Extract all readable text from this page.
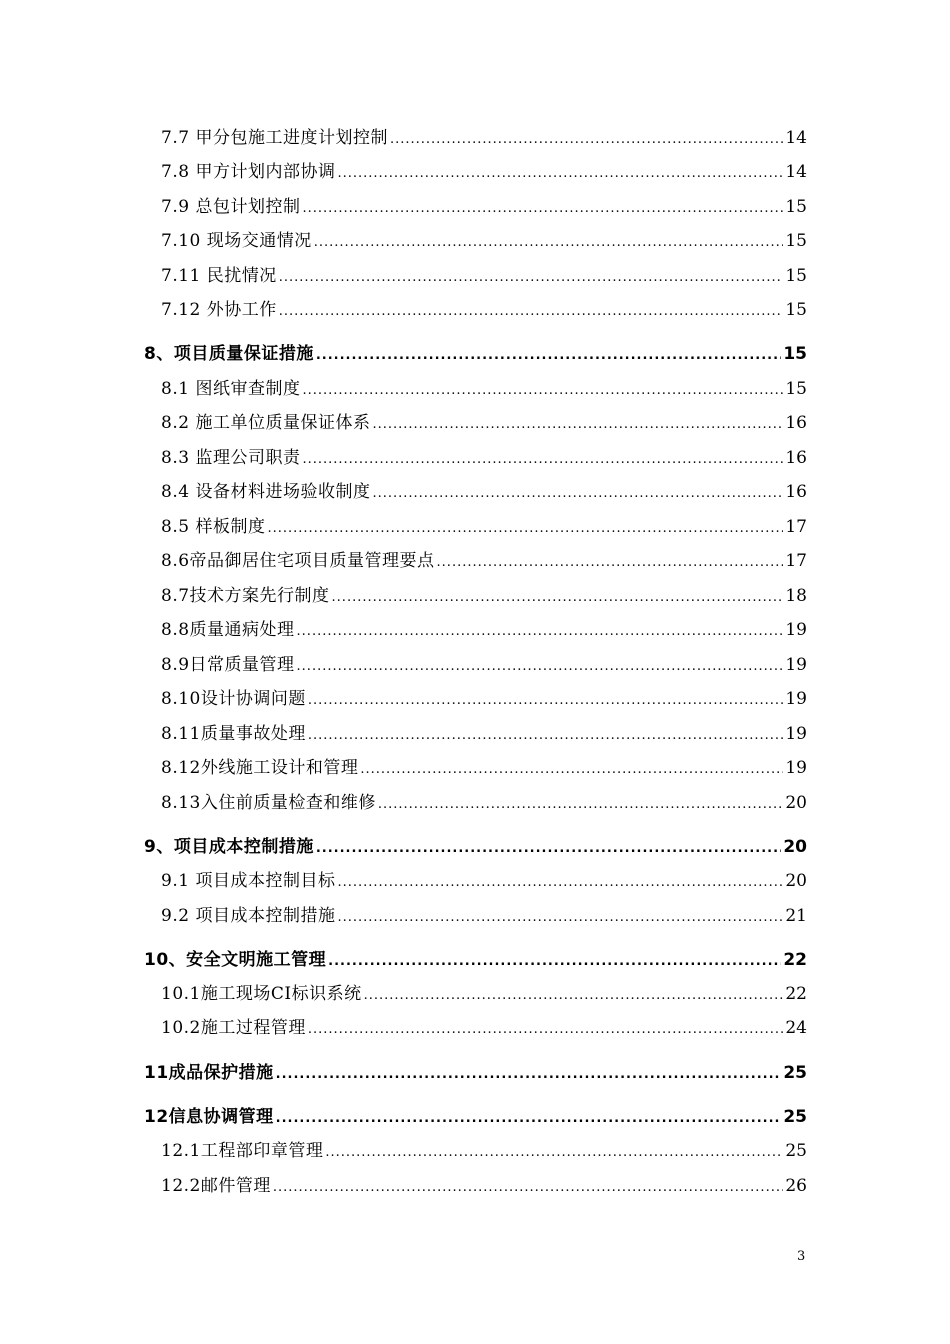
7.7 甲分包施工进度计划控制 .....	14
7.8 甲方计划内部协调 .....	14
7.9 总包计划控制 .....	15
7.10 现场交通情况 .....	15
7.11 民扰情况 .....	15
7.12 外协工作 .....	15
8、项目质量保证措施 .....	15
8.1 图纸审查制度 .....	15
8.2 施工单位质量保证体系 .....	16
8.3 监理公司职责 .....	16
8.4 设备材料进场验收制度 .....	16
8.5 样板制度 .....	17
8.6帝品御居住宅项目质量管理要点 .....	17
8.7技术方案先行制度 .....	18
8.8质量通病处理 .....	19
8.9日常质量管理 .....	19
8.10设计协调问题 .....	19
8.11质量事故处理 .....	19
8.12外线施工设计和管理 .....	19
8.13入住前质量检查和维修 .....	20
9、项目成本控制措施 .....	20
9.1 项目成本控制目标 .....	20
9.2 项目成本控制措施 .....	21
10、安全文明施工管理 .....	22
10.1施工现场CI标识系统 .....	22
10.2施工过程管理 .....	24
11成品保护措施 .....	25
12信息协调管理 .....	25
12.1工程部印章管理 .....	25
12.2邮件管理 .....	26
3
